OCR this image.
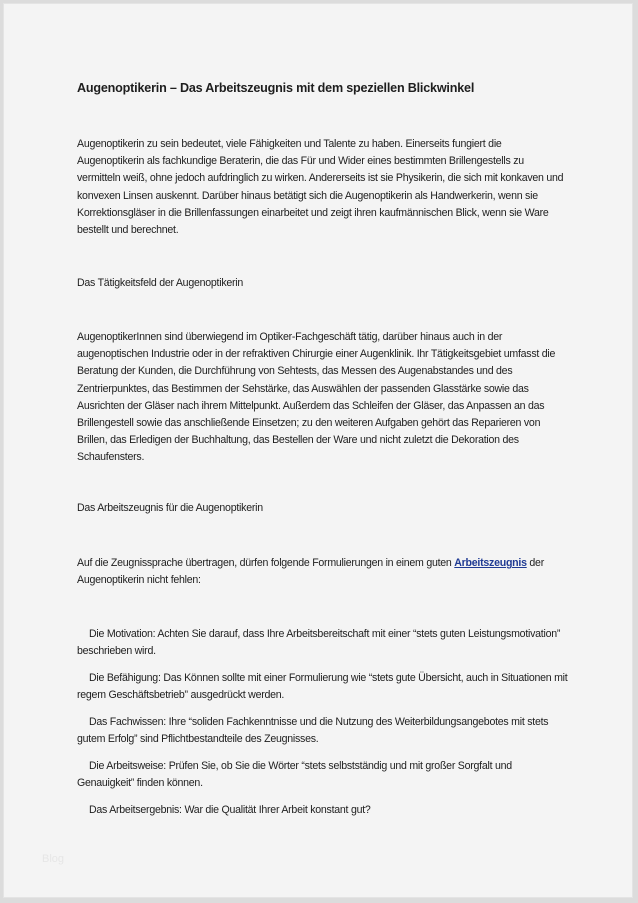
Augenoptikerin – Das Arbeitszeugnis mit dem speziellen Blickwinkel

Augenoptikerin zu sein bedeutet, viele Fähigkeiten und Talente zu haben. Einerseits fungiert die Augenoptikerin als fachkundige Beraterin, die das Für und Wider eines bestimmten Brillengestells zu vermitteln weiß, ohne jedoch aufdringlich zu wirken. Andererseits ist sie Physikerin, die sich mit konkaven und konvexen Linsen auskennt. Darüber hinaus betätigt sich die Augenoptikerin als Handwerkerin, wenn sie Korrektionsgläser in die Brillenfassungen einarbeitet und zeigt ihren kaufmännischen Blick, wenn sie Ware bestellt und berechnet.

Das Tätigkeitsfeld der Augenoptikerin

AugenoptikerInnen sind überwiegend im Optiker-Fachgeschäft tätig, darüber hinaus auch in der augenoptischen Industrie oder in der refraktiven Chirurgie einer Augenklinik. Ihr Tätigkeitsgebiet umfasst die Beratung der Kunden, die Durchführung von Sehtests, das Messen des Augenabstandes und des Zentrierpunktes, das Bestimmen der Sehstärke, das Auswählen der passenden Glasstärke sowie das Ausrichten der Gläser nach ihrem Mittelpunkt. Außerdem das Schleifen der Gläser, das Anpassen an das Brillengestell sowie das anschließende Einsetzen; zu den weiteren Aufgaben gehört das Reparieren von Brillen, das Erledigen der Buchhaltung, das Bestellen der Ware und nicht zuletzt die Dekoration des Schaufensters.

Das Arbeitszeugnis für die Augenoptikerin

Auf die Zeugnissprache übertragen, dürfen folgende Formulierungen in einem guten Arbeitszeugnis der Augenoptikerin nicht fehlen:

Die Motivation: Achten Sie darauf, dass Ihre Arbeitsbereitschaft mit einer “stets guten Leistungsmotivation” beschrieben wird.

Die Befähigung: Das Können sollte mit einer Formulierung wie “stets gute Übersicht, auch in Situationen mit regem Geschäftsbetrieb” ausgedrückt werden.

Das Fachwissen: Ihre “soliden Fachkenntnisse und die Nutzung des Weiterbildungsangebotes mit stets gutem Erfolg” sind Pflichtbestandteile des Zeugnisses.

Die Arbeitsweise: Prüfen Sie, ob Sie die Wörter “stets selbstständig und mit großer Sorgfalt und Genauigkeit” finden können.

Das Arbeitsergebnis: War die Qualität Ihrer Arbeit konstant gut?

Blog
